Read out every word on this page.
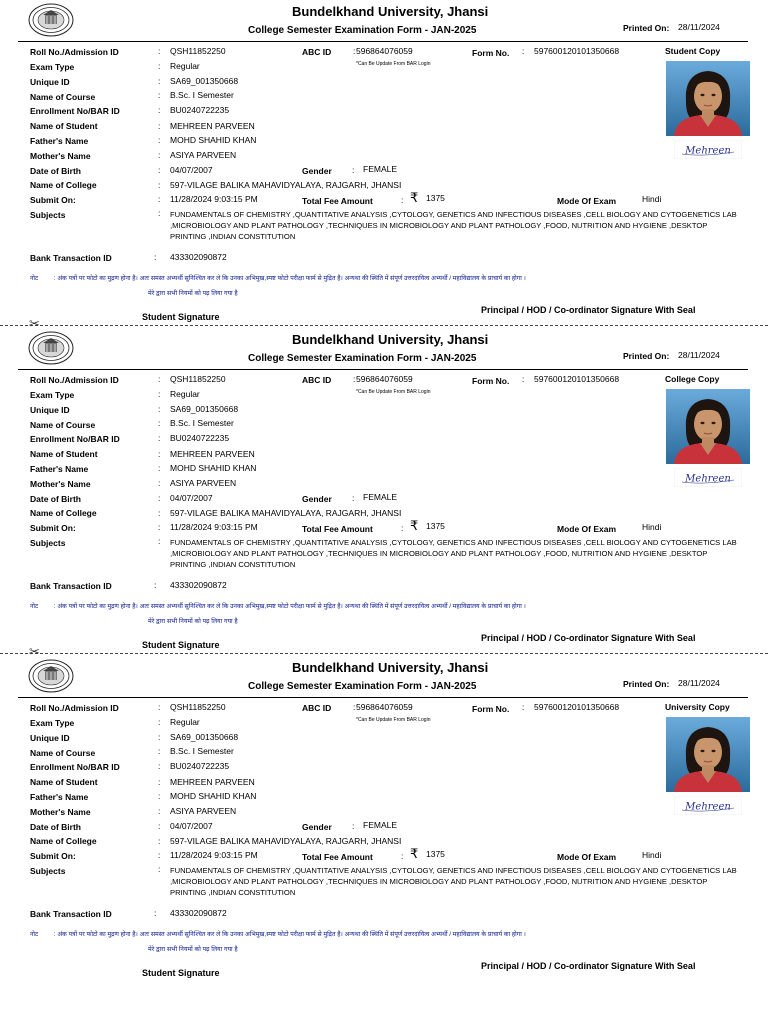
Bundelkhand University, Jhansi
College Semester Examination Form - JAN-2025	Printed On: 28/11/2024
Roll No./Admission ID	: QSH11852250
Exam Type	: Regular
Unique ID	: SA69_001350668
Name of Course	: B.Sc. I Semester
Enrollment No/BAR ID	: BU0240722235
Name of Student	: MEHREEN PARVEEN
Father's Name	: MOHD SHAHID KHAN
Mother's Name	: ASIYA PARVEEN
Date of Birth	: 04/07/2007
Name of College	: 597-VILAGE BALIKA MAHAVIDYALAYA, RAJGARH, JHANSI
Submit On:	: 11/28/2024 9:03:15 PM
Subjects	: FUNDAMENTALS OF CHEMISTRY ,QUANTITATIVE ANALYSIS ,CYTOLOGY, GENETICS AND INFECTIOUS DISEASES ,CELL BIOLOGY AND CYTOGENETICS LAB ,MICROBIOLOGY AND PLANT PATHOLOGY ,TECHNIQUES IN MICROBIOLOGY AND PLANT PATHOLOGY ,FOOD, NUTRITION AND HYGIENE ,DESKTOP PRINTING ,INDIAN CONSTITUTION
Bank Transaction ID	: 433302090872
ABC ID	: 596864076059
*Can Be Update From BAR Login
Form No. : 597600120101350668
Gender : FEMALE
Total Fee Amount	: ₹ 1375	Mode Of Exam	Hindi
Student Copy
Mehreen
नोट	: अंक पत्रों पर फोटो का मुद्रण होना है। अतः समस्त अभ्यर्थी सुनिश्चित कर ले कि उनका अभिमुख,स्पष्ट फोटो परीक्षा फार्म से मुद्रित है। अन्यथा की स्थिति में संपूर्ण उत्तरदायित्व अभ्यर्थी / महाविद्यालय के प्राचार्य का होगा ।
मेरे द्वारा सभी नियमों को पढ़ लिया गया है
Student Signature
Principal / HOD / Co-ordinator Signature With Seal
Bundelkhand University, Jhansi
College Semester Examination Form - JAN-2025	Printed On: 28/11/2024
Roll No./Admission ID	: QSH11852250
Exam Type	: Regular
Unique ID	: SA69_001350668
Name of Course	: B.Sc. I Semester
Enrollment No/BAR ID	: BU0240722235
Name of Student	: MEHREEN PARVEEN
Father's Name	: MOHD SHAHID KHAN
Mother's Name	: ASIYA PARVEEN
Date of Birth	: 04/07/2007
Name of College	: 597-VILAGE BALIKA MAHAVIDYALAYA, RAJGARH, JHANSI
Submit On:	: 11/28/2024 9:03:15 PM
Subjects	: FUNDAMENTALS OF CHEMISTRY ,QUANTITATIVE ANALYSIS ,CYTOLOGY, GENETICS AND INFECTIOUS DISEASES ,CELL BIOLOGY AND CYTOGENETICS LAB ,MICROBIOLOGY AND PLANT PATHOLOGY ,TECHNIQUES IN MICROBIOLOGY AND PLANT PATHOLOGY ,FOOD, NUTRITION AND HYGIENE ,DESKTOP PRINTING ,INDIAN CONSTITUTION
Bank Transaction ID	: 433302090872
ABC ID	: 596864076059
*Can Be Update From BAR Login
Form No. : 597600120101350668
Gender : FEMALE
Total Fee Amount	: ₹ 1375	Mode Of Exam	Hindi
College Copy
Mehreen
नोट	: अंक पत्रों पर फोटो का मुद्रण होना है। अतः समस्त अभ्यर्थी सुनिश्चित कर ले कि उनका अभिमुख,स्पष्ट फोटो परीक्षा फार्म से मुद्रित है। अन्यथा की स्थिति में संपूर्ण उत्तरदायित्व अभ्यर्थी / महाविद्यालय के प्राचार्य का होगा ।
मेरे द्वारा सभी नियमों को पढ़ लिया गया है
Student Signature
Principal / HOD / Co-ordinator Signature With Seal
Bundelkhand University, Jhansi
College Semester Examination Form - JAN-2025	Printed On: 28/11/2024
Roll No./Admission ID	: QSH11852250
Exam Type	: Regular
Unique ID	: SA69_001350668
Name of Course	: B.Sc. I Semester
Enrollment No/BAR ID	: BU0240722235
Name of Student	: MEHREEN PARVEEN
Father's Name	: MOHD SHAHID KHAN
Mother's Name	: ASIYA PARVEEN
Date of Birth	: 04/07/2007
Name of College	: 597-VILAGE BALIKA MAHAVIDYALAYA, RAJGARH, JHANSI
Submit On:	: 11/28/2024 9:03:15 PM
Subjects	: FUNDAMENTALS OF CHEMISTRY ,QUANTITATIVE ANALYSIS ,CYTOLOGY, GENETICS AND INFECTIOUS DISEASES ,CELL BIOLOGY AND CYTOGENETICS LAB ,MICROBIOLOGY AND PLANT PATHOLOGY ,TECHNIQUES IN MICROBIOLOGY AND PLANT PATHOLOGY ,FOOD, NUTRITION AND HYGIENE ,DESKTOP PRINTING ,INDIAN CONSTITUTION
Bank Transaction ID	: 433302090872
ABC ID	: 596864076059
*Can Be Update From BAR Login
Form No. : 597600120101350668
Gender : FEMALE
Total Fee Amount	: ₹ 1375	Mode Of Exam	Hindi
University Copy
Mehreen
नोट	: अंक पत्रों पर फोटो का मुद्रण होना है। अतः समस्त अभ्यर्थी सुनिश्चित कर ले कि उनका अभिमुख,स्पष्ट फोटो परीक्षा फार्म से मुद्रित है। अन्यथा की स्थिति में संपूर्ण उत्तरदायित्व अभ्यर्थी / महाविद्यालय के प्राचार्य का होगा ।
मेरे द्वारा सभी नियमों को पढ़ लिया गया है
Student Signature
Principal / HOD / Co-ordinator Signature With Seal
✂
✂
